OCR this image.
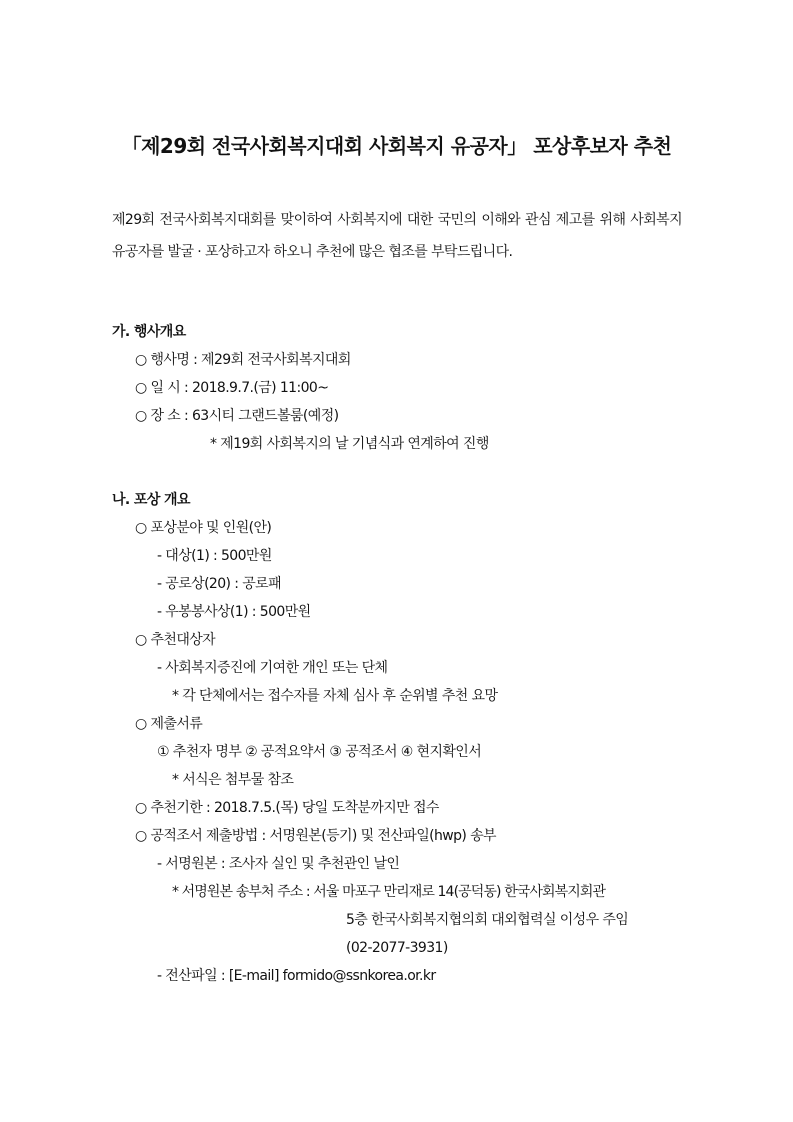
「제29회 전국사회복지대회 사회복지 유공자」 포상후보자 추천
제29회 전국사회복지대회를 맞이하여 사회복지에 대한 국민의 이해와 관심 제고를 위해 사회복지 유공자를 발굴 · 포상하고자 하오니 추천에 많은 협조를 부탁드립니다.
가. 행사개요
○ 행사명 : 제29회 전국사회복지대회
○ 일 시 : 2018.9.7.(금) 11:00~
○ 장 소 : 63시티 그랜드볼룸(예정)
* 제19회 사회복지의 날 기념식과 연계하여 진행
나. 포상 개요
○ 포상분야 및 인원(안)
- 대상(1) : 500만원
- 공로상(20) : 공로패
- 우봉봉사상(1) : 500만원
○ 추천대상자
- 사회복지증진에 기여한 개인 또는 단체
* 각 단체에서는 접수자를 자체 심사 후 순위별 추천 요망
○ 제출서류
① 추천자 명부 ② 공적요약서 ③ 공적조서 ④ 현지확인서
* 서식은 첨부물 참조
○ 추천기한 : 2018.7.5.(목) 당일 도착분까지만 접수
○ 공적조서 제출방법 : 서명원본(등기) 및 전산파일(hwp) 송부
- 서명원본 : 조사자 실인 및 추천관인 날인
* 서명원본 송부처 주소 : 서울 마포구 만리재로 14(공덕동) 한국사회복지회관
5층 한국사회복지협의회 대외협력실 이성우 주임
(02-2077-3931)
- 전산파일 : [E-mail] formido@ssnkorea.or.kr
